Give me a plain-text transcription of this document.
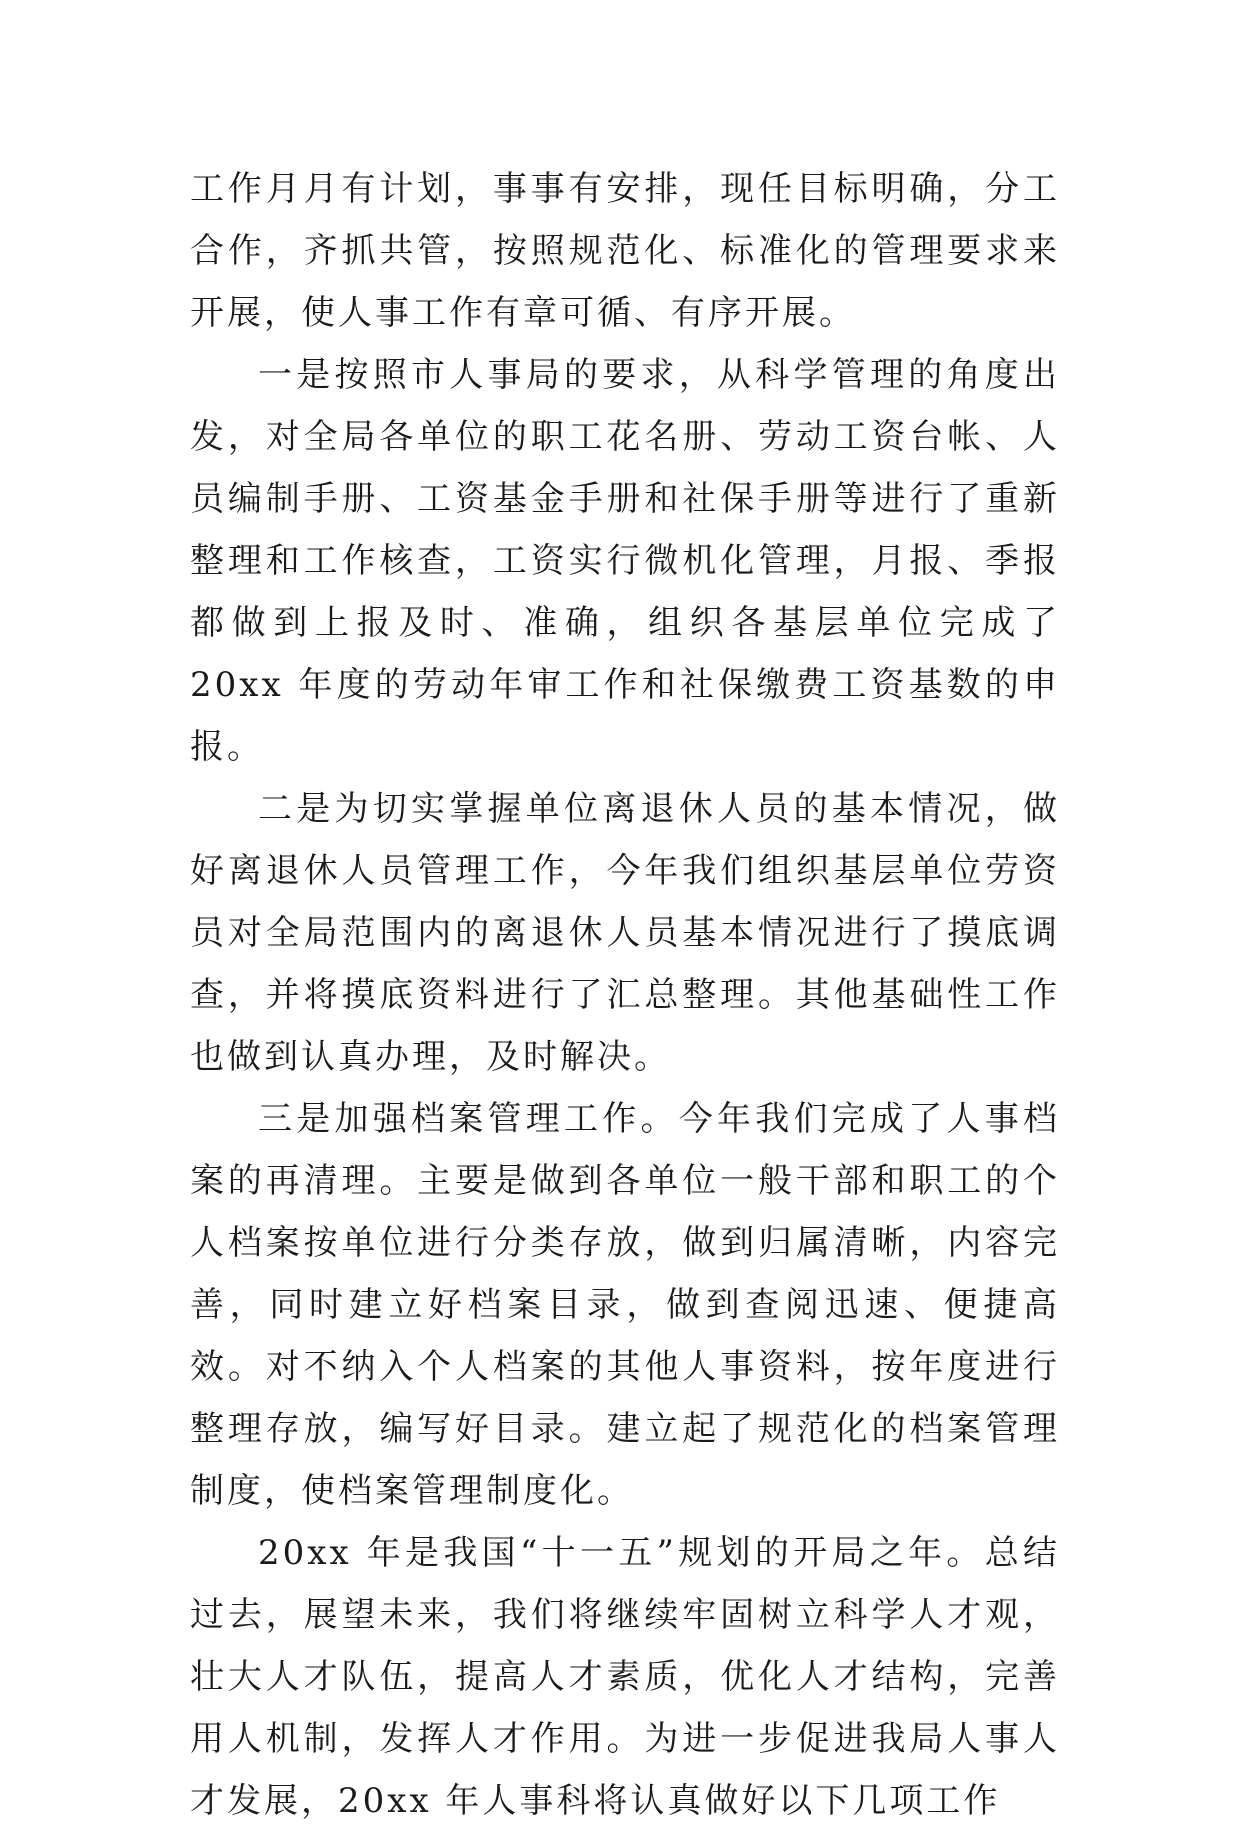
工作月月有计划，事事有安排，现任目标明确，分工合作，齐抓共管，按照规范化、标准化的管理要求来开展，使人事工作有章可循、有序开展。

一是按照市人事局的要求，从科学管理的角度出发，对全局各单位的职工花名册、劳动工资台帐、人员编制手册、工资基金手册和社保手册等进行了重新整理和工作核查，工资实行微机化管理，月报、季报都做到上报及时、准确，组织各基层单位完成了 20xx 年度的劳动年审工作和社保缴费工资基数的申报。

二是为切实掌握单位离退休人员的基本情况，做好离退休人员管理工作，今年我们组织基层单位劳资员对全局范围内的离退休人员基本情况进行了摸底调查，并将摸底资料进行了汇总整理。其他基础性工作也做到认真办理，及时解决。

三是加强档案管理工作。今年我们完成了人事档案的再清理。主要是做到各单位一般干部和职工的个人档案按单位进行分类存放，做到归属清晰，内容完善，同时建立好档案目录，做到查阅迅速、便捷高效。对不纳入个人档案的其他人事资料，按年度进行整理存放，编写好目录。建立起了规范化的档案管理制度，使档案管理制度化。

20xx 年是我国“十一五”规划的开局之年。总结过去，展望未来，我们将继续牢固树立科学人才观，壮大人才队伍，提高人才素质，优化人才结构，完善用人机制，发挥人才作用。为进一步促进我局人事人才发展，20xx 年人事科将认真做好以下几项工作
